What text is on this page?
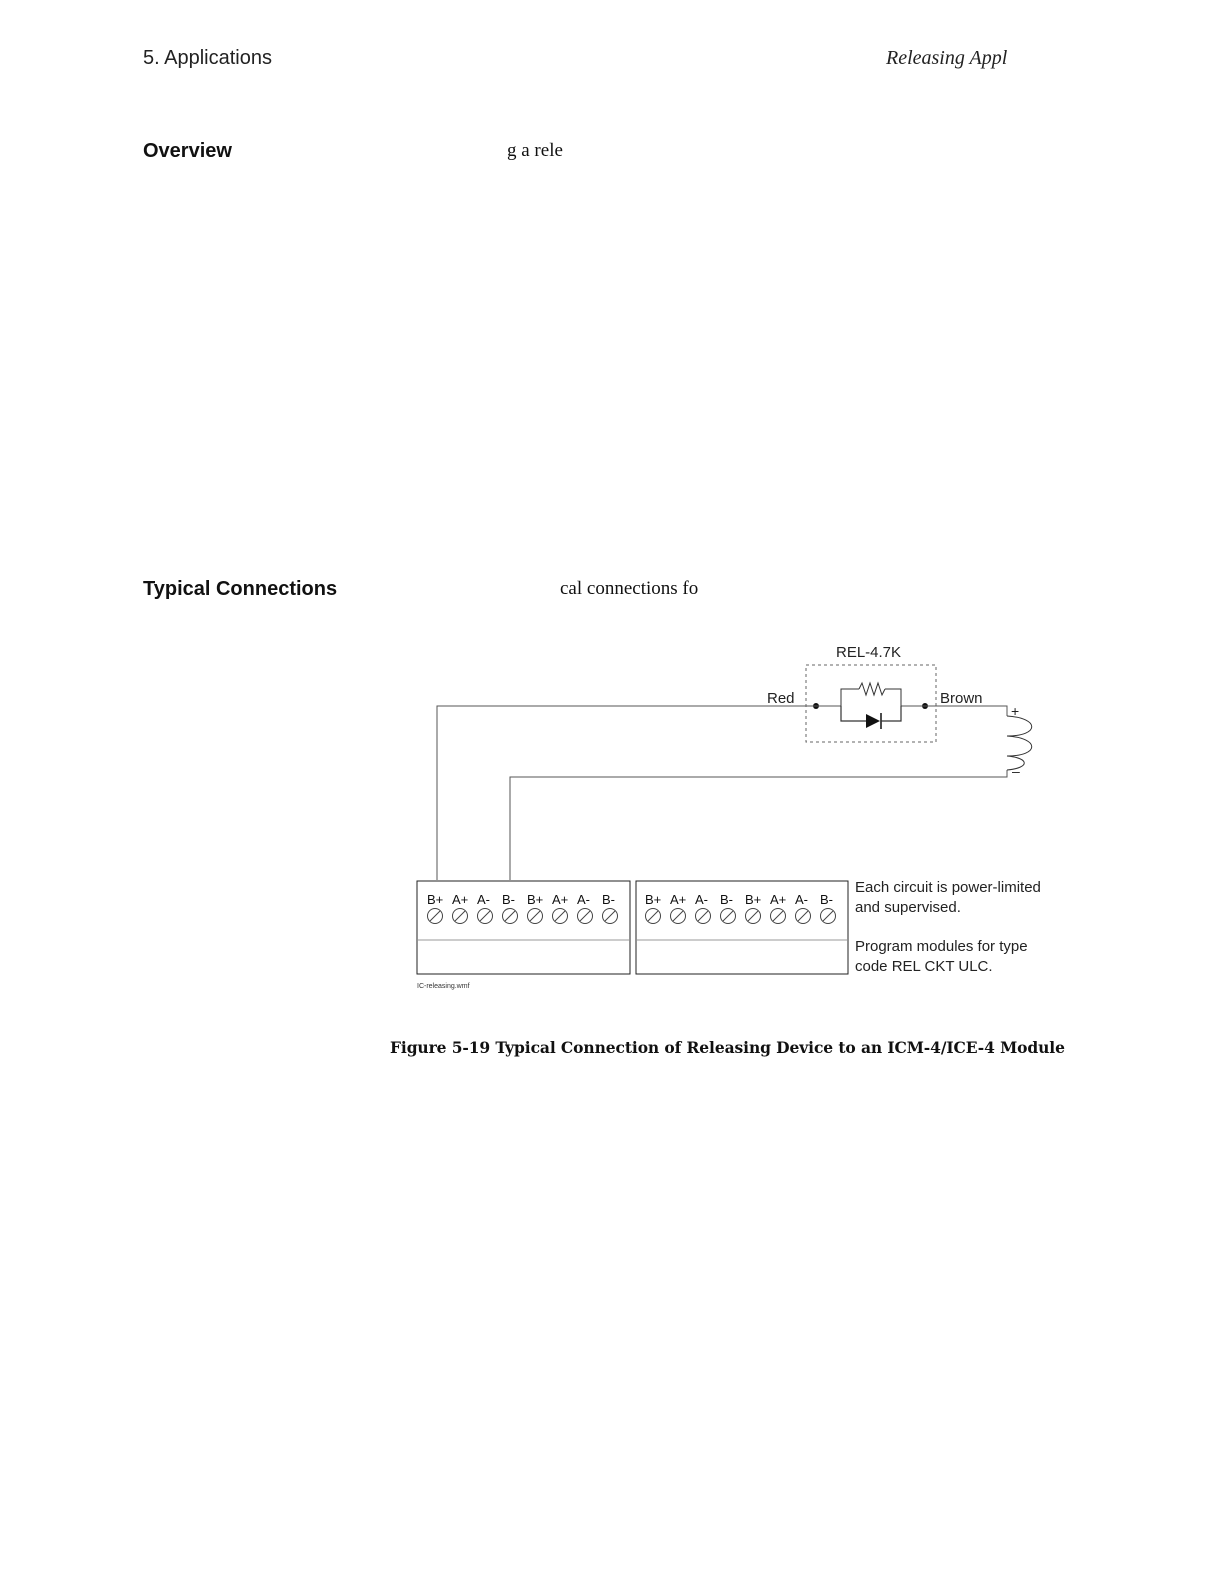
5. Applications	Releasing Appl
Overview	g a rele
Typical Connections	cal connections fo
REL-4.7K
Red	Brown
+
–
B+ A+ A- B- B+ A+ A- B- B+ A+ A- B- B+ A+ A- B-
Each circuit is power-limited
and supervised.
Program modules for type
code REL CKT ULC.
IC-releasing.wmf
Figure 5-19 Typical Connection of Releasing Device to an ICM-4/ICE-4 Module
